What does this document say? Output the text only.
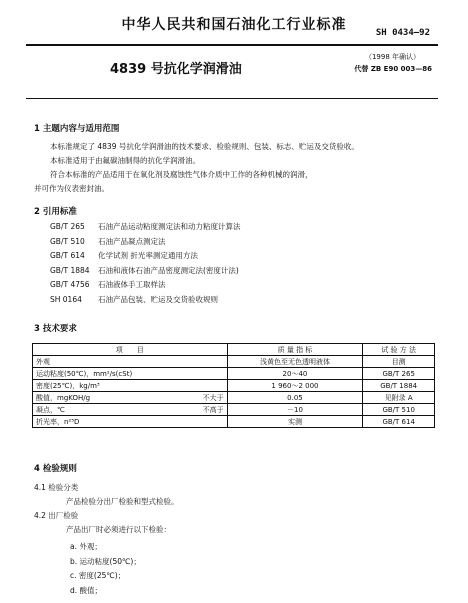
中华人民共和国石油化工行业标准	SH 0434—92
4839 号抗化学润滑油
（1998 年确认）
代替 ZB E90 003—86
1 主题内容与适用范围
本标准规定了 4839 号抗化学润滑油的技术要求、检验规则、包装、标志、贮运及交货验收。
本标准适用于由氟碳油制得的抗化学润滑油。
符合本标准的产品适用于在氧化剂及腐蚀性气体介质中工作的各种机械的润滑，
并可作为仪表密封油。
2 引用标准
GB/T 265 石油产品运动粘度测定法和动力粘度计算法
GB/T 510 石油产品凝点测定法
GB/T 614 化学试剂 折光率测定通用方法
GB/T 1884 石油和液体石油产品密度测定法(密度计法)
GB/T 4756 石油液体手工取样法
SH 0164 石油产品包装、贮运及交货验收规则
3 技术要求
项　　目	质 量 指 标	试 验 方 法
外观	浅黄色至无色透明液体	目测
运动粘度(50℃)，mm²/s(cSt)	20～40	GB/T 265
密度(25℃)，kg/m³	1 960～2 000	GB/T 1884
酸值，mgKOH/g 不大于	0.05	见附录 A
凝点，℃ 不高于	－10	GB/T 510
折光率，n²⁵D	实测	GB/T 614
4 检验规则
4.1 检验分类
产品检验分出厂检验和型式检验。
4.2 出厂检验
产品出厂时必须进行以下检验：
a. 外观；
b. 运动粘度(50℃)；
c. 密度(25℃)；
d. 酸值；
